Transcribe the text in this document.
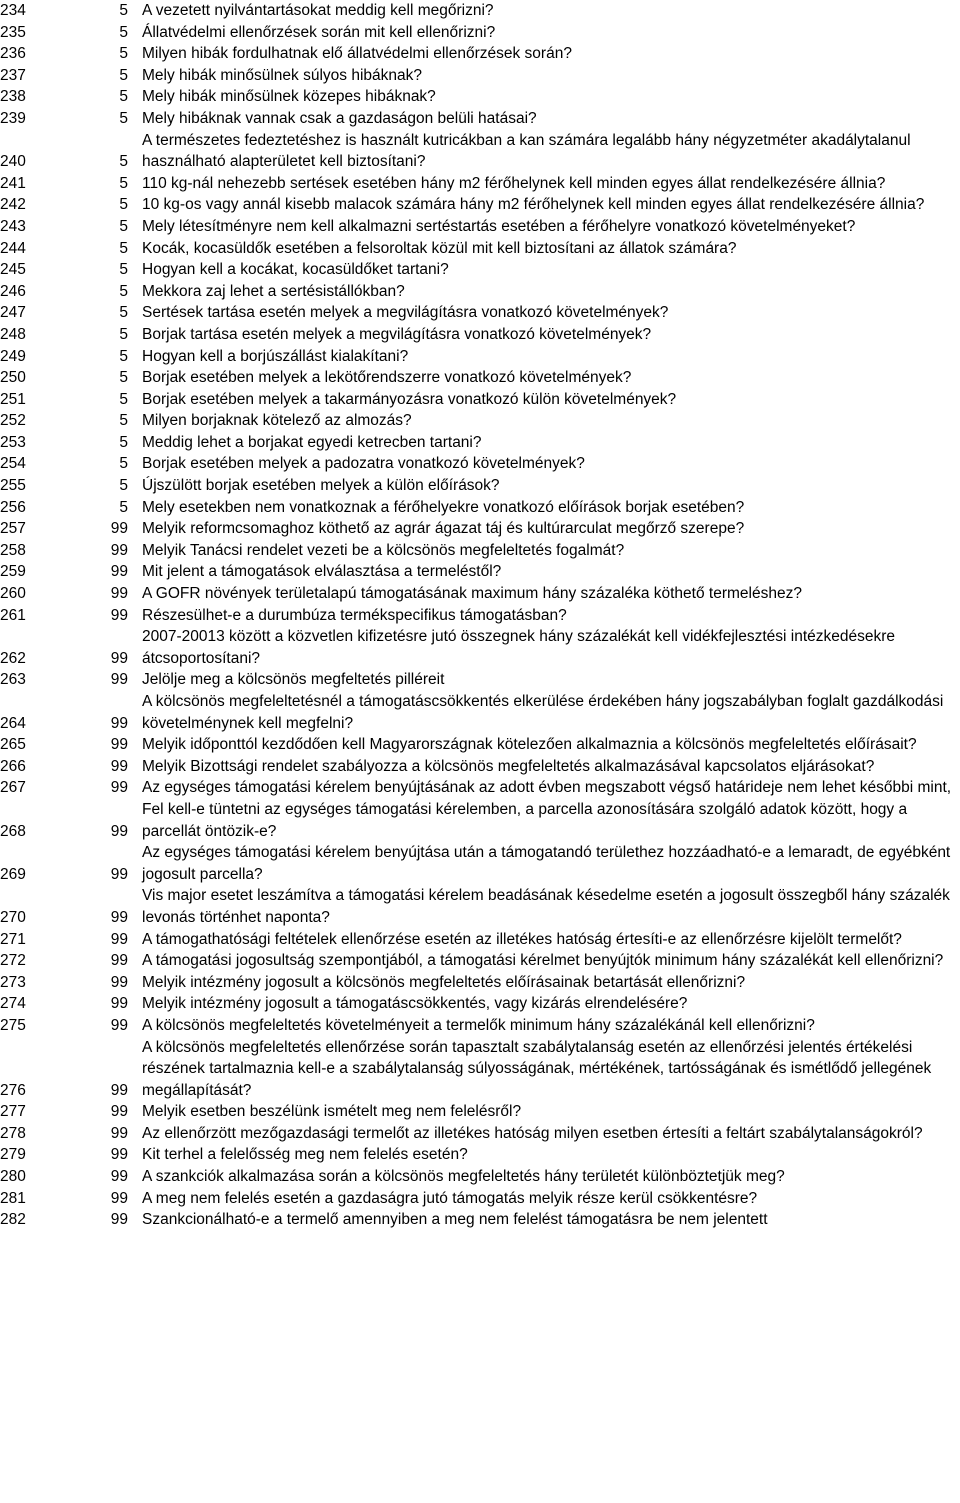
234	5 A vezetett nyilvántartásokat meddig kell megőrizni?
235	5 Állatvédelmi ellenőrzések során mit kell ellenőrizni?
236	5 Milyen hibák fordulhatnak elő állatvédelmi ellenőrzések során?
237	5 Mely hibák minősülnek súlyos hibáknak?
238	5 Mely hibák minősülnek közepes hibáknak?
239	5 Mely hibáknak vannak csak a gazdaságon belüli hatásai?
240	5
A természetes fedeztetéshez is használt kutricákban a kan számára legalább hány négyzetméter akadálytalanul használható alapterületet kell biztosítani?
241	5 110 kg-nál nehezebb sertések esetében hány m2 férőhelynek kell minden egyes állat rendelkezésére állnia?
242	5 10 kg-os vagy annál kisebb malacok számára hány m2 férőhelynek kell minden egyes állat rendelkezésére állnia?
243	5 Mely létesítményre nem kell alkalmazni sertéstartás esetében a férőhelyre vonatkozó követelményeket?
244	5 Kocák, kocasüldők esetében a felsoroltak közül mit kell biztosítani az állatok számára?
245	5 Hogyan kell a kocákat, kocasüldőket tartani?
246	5 Mekkora zaj lehet a sertésistállókban?
247	5 Sertések tartása esetén melyek a megvilágításra vonatkozó követelmények?
248	5 Borjak tartása esetén melyek a megvilágításra vonatkozó követelmények?
249	5 Hogyan kell a borjúszállást kialakítani?
250	5 Borjak esetében melyek a lekötőrendszerre vonatkozó követelmények?
251	5 Borjak esetében melyek a takarmányozásra vonatkozó külön követelmények?
252	5 Milyen borjaknak kötelező az almozás?
253	5 Meddig lehet a borjakat egyedi ketrecben tartani?
254	5 Borjak esetében melyek a padozatra vonatkozó követelmények?
255	5 Újszülött borjak esetében melyek a külön előírások?
256	5 Mely esetekben nem vonatkoznak a férőhelyekre vonatkozó előírások borjak esetében?
257	99 Melyik reformcsomaghoz köthető az agrár ágazat táj és kultúrarculat megőrző szerepe?
258	99 Melyik Tanácsi rendelet vezeti be a kölcsönös megfeleltetés fogalmát?
259	99 Mit jelent a támogatások elválasztása a termeléstől?
260	99 A GOFR növények területalapú támogatásának maximum hány százaléka köthető termeléshez?
261	99 Részesülhet-e a durumbúza termékspecifikus támogatásban?
262	99
2007-20013 között a közvetlen kifizetésre jutó összegnek hány százalékát kell vidékfejlesztési intézkedésekre átcsoportosítani?
263	99 Jelölje meg a kölcsönös megfeltetés pilléreit
264	99
A kölcsönös megfeleltetésnél a támogatáscsökkentés elkerülése érdekében hány jogszabályban foglalt gazdálkodási követelménynek kell megfelni?
265	99 Melyik időponttól kezdődően kell Magyarországnak kötelezően alkalmaznia a kölcsönös megfeleltetés előírásait?
266	99 Melyik Bizottsági rendelet szabályozza a kölcsönös megfeleltetés alkalmazásával kapcsolatos eljárásokat?
267	99 Az egységes támogatási kérelem benyújtásának az adott évben megszabott végső határideje nem lehet későbbi mint,
268	99
Fel kell-e tüntetni az egységes támogatási kérelemben, a parcella azonosítására szolgáló adatok között, hogy a parcellát öntözik-e?
269	99
Az egységes támogatási kérelem benyújtása után a támogatandó területhez hozzáadható-e a lemaradt, de egyébként jogosult parcella?
270	99
Vis major esetet leszámítva a támogatási kérelem beadásának késedelme esetén a jogosult összegből hány százalék levonás történhet naponta?
271	99 A támogathatósági feltételek ellenőrzése esetén az illetékes hatóság értesíti-e az ellenőrzésre kijelölt termelőt?
272	99 A támogatási jogosultság szempontjából, a támogatási kérelmet benyújtók minimum hány százalékát kell ellenőrizni?
273	99 Melyik intézmény jogosult a kölcsönös megfeleltetés előírásainak betartását ellenőrizni?
274	99 Melyik intézmény jogosult a támogatáscsökkentés, vagy kizárás elrendelésére?
275	99 A kölcsönös megfeleltetés követelményeit a termelők minimum hány százalékánál kell ellenőrizni?
276	99
A kölcsönös megfeleltetés ellenőrzése során tapasztalt szabálytalanság esetén az ellenőrzési jelentés értékelési részének tartalmaznia kell-e a szabálytalanság súlyosságának, mértékének, tartósságának és ismétlődő jellegének megállapítását?
277	99 Melyik esetben beszélünk ismételt meg nem felelésről?
278	99 Az ellenőrzött mezőgazdasági termelőt az illetékes hatóság milyen esetben értesíti a feltárt szabálytalanságokról?
279	99 Kit terhel a felelősség meg nem felelés esetén?
280	99 A szankciók alkalmazása során a kölcsönös megfeleltetés hány területét különböztetjük meg?
281	99 A meg nem felelés esetén a gazdaságra jutó támogatás melyik része kerül csökkentésre?
282	99 Szankcionálható-e a termelő amennyiben a meg nem felelést támogatásra be nem jelentett
